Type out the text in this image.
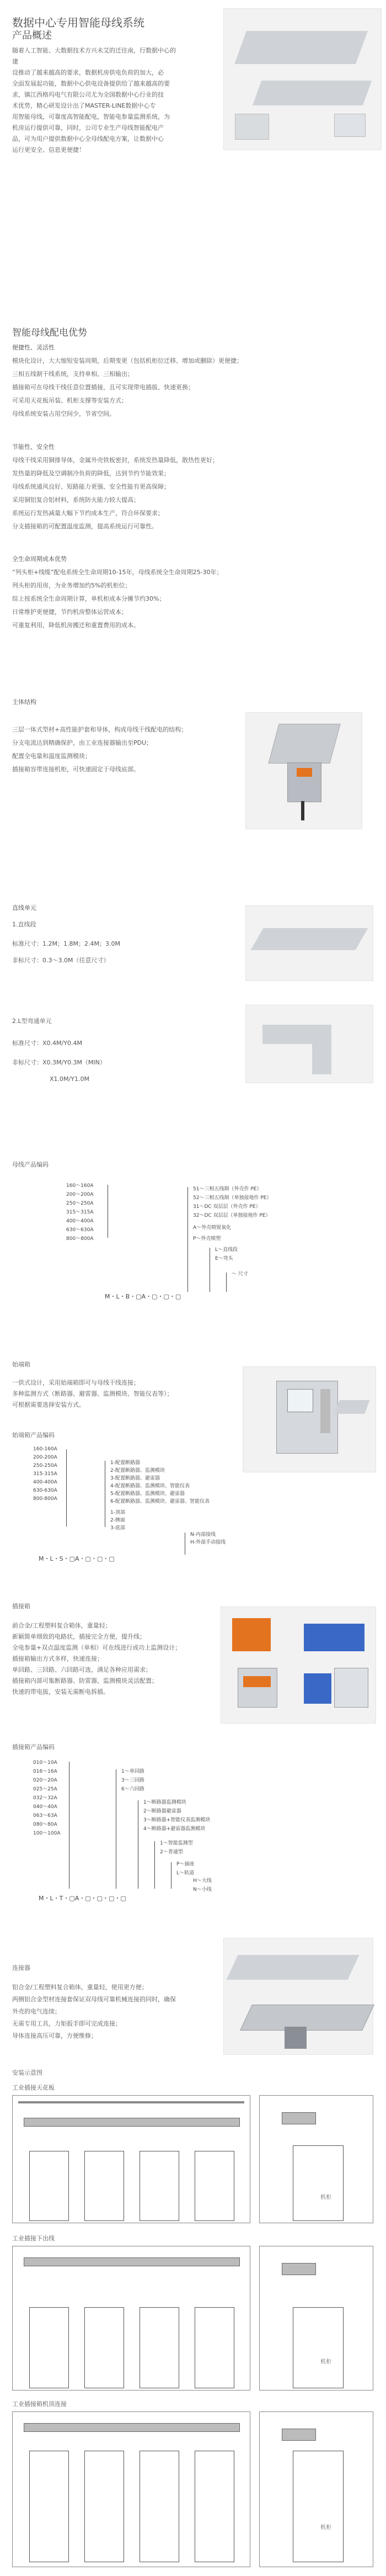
数据中心专用智能母线系统
产品概述
随着人工智能、大数据技术方兴未艾的迁往南，行数据中心的建
设推动了越来越高的要求，数据机房供电负荷的加大，必
全面发展起功能，数据中心供电设备提供给了越来越高的要
求，镇江西格玛电气有限公司尤为全国数据中心行业的技
术优势，精心研发设计出了MASTER-LINE数据中心专
用智能母线，可靠度高智能配电，智能电参量监测系统，为
机房运行提供可靠，同时，公司专业生产母线智能配电产
品，可为用户提供数据中心全母线配电方案，让数据中心
运行更安全、信息更便捷！
智能母线配电优势
便捷性、灵活性
模块化设计，大大缩短安装周期，后期变更（包括机柜位迁移、增加或删除）更便捷；
三相五线制干线系统，支持单相、三相输出；
插接箱可在母线干线任意位置插接，且可实现带电插拔、快速更换；
可采用天花板吊装、机柜支撑等安装方式；
母线系统安装占用空间少，节省空间。
节能性、安全性
母线干线采用铜排导体，金属外壳铁板密封，系统发热量降低，散热性更好；
发热量的降低及空调制冷负荷的降低，达到节约节能效果；
母线系统通风良好、短路能力更强、安全性能有更高保障；
采用铜铝复合铝材料，系统防火能力较大提高；
系统运行发热减量大幅下节约成本生产，符合环保要求；
分支插接箱的可配置温度监测，提高系统运行可靠性。
全生命周期成本优势
“列头柜+线缆”配电系统全生命周期10-15年，母线系统全生命周期25-30年；
列头柜的用房，为业务增加约5%的机柜位；
综上按系统全生命周期计算，单机柜成本分摊节约30%；
日常维护更便捷，节约机房整体运营成本；
可重复利用，降低机房搬迁和重置费用的成本。
主体结构
三层一体式型材+高性能护套和导体，构成母线干线配电的结构；
分支电流达到精确保护，由工业连接器输出至PDU；
配置全电量和温度监测模块；
插接箱容带连接机柜，可快速固定于母线底部。
直线单元
1.直线段
标准尺寸：1.2M；1.8M；2.4M；3.0M
非标尺寸：0.3～3.0M（任意尺寸）
2.L型弯通单元
标准尺寸：X0.4M/Y0.4M
非标尺寸：X0.3M/Y0.3M（MIN）
X1.0M/Y1.0M
母线产品编码
160～160A
200～200A
250～250A
315～315A
400～400A
630～630A
800～800A
51～三相五线制（外壳作 PE）
52～三相五线制（单独接地作 PE）
31～DC 双层层（外壳作 PE）
32～DC 双层层（单独接地作 PE）
A～外壳喷锐氧化
P～外壳喷塑
L～直线段
E～弯头
～ 尺寸
M・L・B・▢A・▢・▢・▢
始端箱
一供式设计，采用始端箱即可与母线干线连接；
多种监测方式（断路器、避雷器、监测模块、智能仪表等）；
可根据需要选择安装方式。
始端箱产品编码
160-160A
200-200A
250-250A
315-315A
400-400A
630-630A
800-800A
1-配置断路器
2-配置断路器、监测模块
3-配置断路器、避雷器
4-配置断路器、监测模块、智能仪表
5-配置断路器、监测模块、避雷器
6-配置断路器、监测模块、避雷器、智能仪表
1-顶部
2-侧面
3-底部
N-内部接线
H-外部手动接线
M・L・S・▢A・▢・▢・▢
插接箱
前合金/工程塑料复合箱体，重量轻；
新颖简单细致的电路状，插接完全方便，提升线；
全电参量+双点温度监测（单相）可在线进行成功上监测设计；
插接箱输出方式多样，快速连接；
单回路、三回路、六回路可选，满足各种应用需求；
插接箱内部可集断路器、防雷器，监测模块灵活配置；
快速的带电拔，安装无需断电拆插。
插接箱产品编码
010～10A
016～16A
020～20A
025～25A
032～32A
040～40A
063～63A
080～80A
100～100A
1～单回路
3～三回路
6～六回路
1～断路器监测模块
2～断路器避雷器
3～断路器+智能仪表监测模块
4～断路器+避雷器监测模块
1～智能监测型
2～普通型
P～插座
L～轨道
H～大线
N～小线
M・L・T・▢A・▢・▢・▢・▢
连接器
铝合金/工程塑料复合箱体，重量轻，使用更方便；
两侧铝合金型材连接套保证双母线可靠机械连接的同时，确保
外壳的电气连续；
无需专用工具，力矩扳手即可完成连接；
导体连接高压可靠，方便维修；
安装示意图
工业插接天花板
机柜
工业插接下出线
机柜
工业插接箱机顶连接
机柜
